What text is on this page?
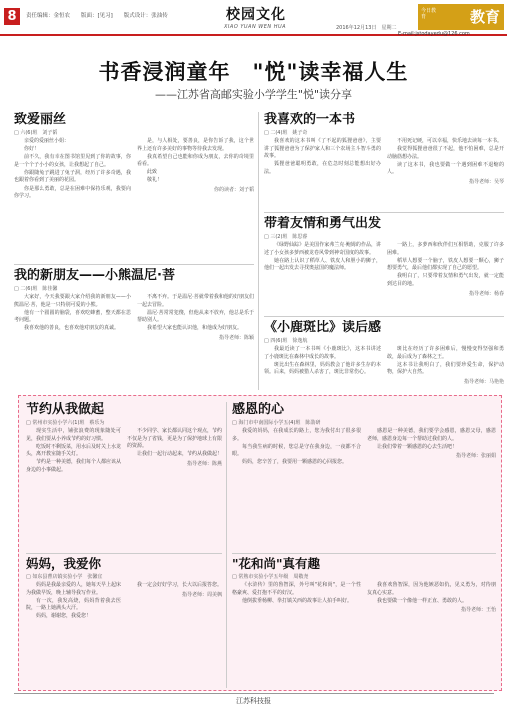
8	责任编辑：金恒农　　版面：[见习]　　版式设计：张油传	校园文化
XIAO YUAN WEN HUA	2016年12月13日　星期二
教育
今日教育
E-mail:jstodayedu@126.com
书香浸润童年　"悦"读幸福人生
——江苏省高邮实验小学学生"悦"读分享
致爱丽丝
□ 六(6)班　刘子韬

亲爱的爱丽丝小姐：

你好！

前不久，我有幸在图书馆里见到了你的故事，你是一个个子小小的女孩，让我想起了自己。

你跟随兔子跳进了兔子洞，经历了许多奇遇，我也跟着你看到了美丽的花园。

你是那么勇敢，总是在困难中保持乐观，我要向你学习。

是，与人相处，要善良，是你告诉了我，这个世界上还有许多美好的事物等待我去发现。

我真希望自己也能和你成为朋友，去你的奇境里看看。

此致

敬礼！

你的读者：刘子韬
我的新朋友——小熊温尼·菩
□ 二(6)班　陈佳馨

大家好，今天我要跟大家介绍我的新朋友——小熊温尼·菩，他是一只特别可爱的小熊。

他有一个圆圆的脑袋，喜欢吃蜂蜜，整天都在思考问题。

我喜欢他的善良，也喜欢他对朋友的真诚。

不离不弃。于是温尼·菩就带着我和他的好朋友们一起去冒险。

温尼·菩常常犯傻，但他从来不放弃，他总是乐于帮助别人。

我希望大家也能认识他，和他成为好朋友。

指导老师：陈颖
我喜欢的一本书
□ 二(4)班　姚子奇

我喜欢的这本书叫《了不起的狐狸爸爸》，主要讲了狐狸爸爸为了保护家人和三个农场主斗智斗勇的故事。

狐狸爸爸聪明勇敢，在危急时刻总能想出好办法。

不用死记硬，可以幸福，快乐地去读每一本书。

我觉得狐狸爸爸很了不起，他不怕困难，总是开动脑筋想办法。

读了这本书，我也要做一个遇到困难不退缩的人。

指导老师：吴琴
带着友情和勇气出发
□ 三(2)班　陈思睿

《绿野仙踪》是美国作家弗兰克·鲍姆的作品，讲述了小女孩多萝西被龙卷风带到神奇国度的故事。

她在路上认识了稻草人、铁皮人和胆小的狮子，他们一起出发去寻找奥兹国的魔法师。

一路上，多萝西和伙伴们互相帮助，克服了许多困难。

稻草人想要一个脑子，铁皮人想要一颗心，狮子想要勇气，最后他们都实现了自己的愿望。

我明白了，只要带着友情和勇气出发，就一定能到达目的地。

指导老师：杨春
《小鹿斑比》读后感
□ 四(6)班　徐逸航

我最近读了一本书叫《小鹿斑比》，这本书讲述了小鹿斑比在森林中成长的故事。

斑比出生在森林里，妈妈教会了他许多生存的本领。后来，妈妈被猎人杀害了，斑比非常伤心。

斑比在经历了许多困难后，慢慢变得坚强和勇敢，最后成为了森林之王。

这本书让我明白了，我们要珍爱生命，保护动物，保护大自然。

指导老师：马艳艳
节约从我做起
□ 常州市实验小学六(1)班　蔡乐为

现实生活中，铺张浪费的现象随处可见，我们要从小养成节约的好习惯。

吃饭时不剩饭菜，用水后及时关上水龙头，离开教室随手关灯。

节约是一种美德，我们每个人都应该从身边的小事做起。

不少同学、家长都认同这个观点，节约不仅是为了省钱，更是为了保护地球上有限的资源。

让我们一起行动起来，节约从我做起！

指导老师：陈燕
妈妈，我爱你
□ 如东县曹店镇实验小学　张馨宜

妈妈是我最亲爱的人，她每天早上起床为我做早饭，晚上辅导我写作业。

有一次，我发高烧，妈妈背着我去医院，一路上她满头大汗。

妈妈，谢谢您，我爱您！

我一定会好好学习，长大以后报答您。

指导老师：周美枫
感恩的心
□ 海门市中南国际小学五(4)班　陈劭研

我爱的妈妈，在我成长的路上，您为我付出了很多很多。

每当我生病的时候，您总是守在我身边，一夜都不合眼。

妈妈，您辛苦了，我要用一颗感恩的心回报您。

感恩是一种美德，我们要学会感恩，感恩父母，感恩老师，感恩身边每一个帮助过我们的人。

让我们带着一颗感恩的心去生活吧！

指导老师：张丽娟
"花和尚"真有趣
□ 常熟市实验小学五年级　周敬尧

《水浒传》里的鲁智深，外号叫"花和尚"，是一个性格豪爽、爱打抱不平的好汉。

他倒拔垂杨柳、拳打镇关西的故事让人拍手叫好。

我喜欢鲁智深，因为他嫉恶如仇，见义勇为，对待朋友真心实意。

我也要做一个像他一样正直、勇敢的人。

指导老师：王怡
江苏科技报
